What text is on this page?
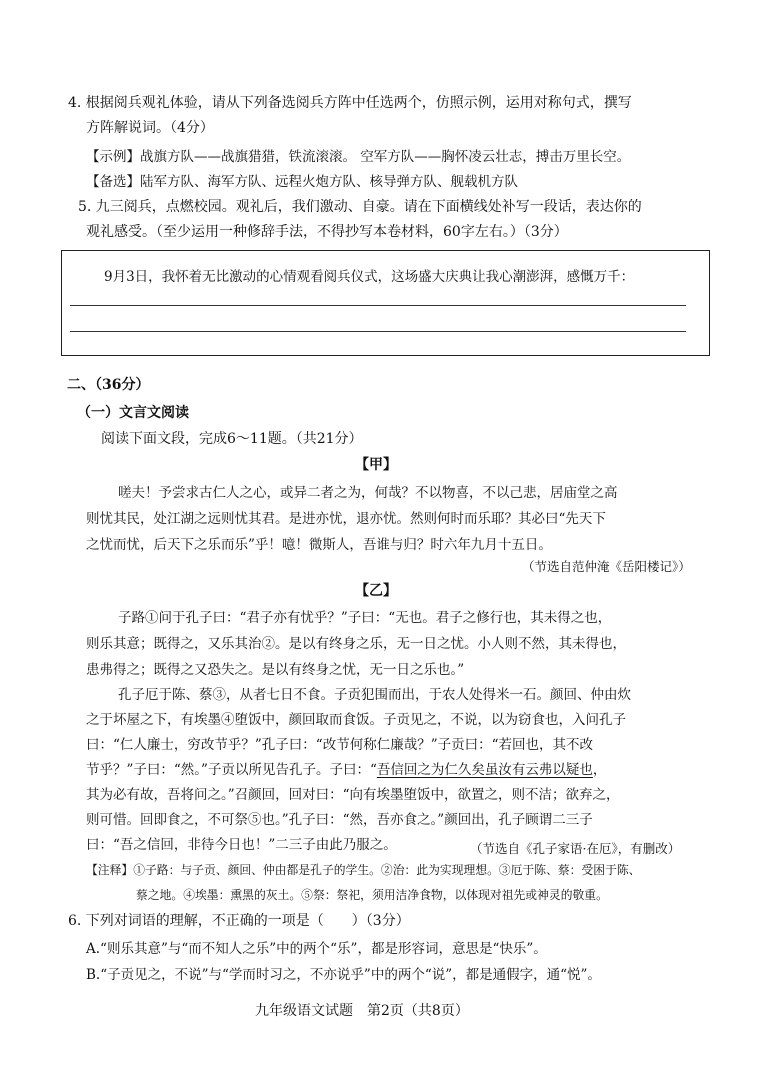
4. 根据阅兵观礼体验，请从下列备选阅兵方阵中任选两个，仿照示例，运用对称句式，撰写
方阵解说词。（4分）
【示例】战旗方队——战旗猎猎，铁流滚滚。 空军方队——胸怀凌云壮志，搏击万里长空。
【备选】陆军方队、海军方队、远程火炮方队、核导弹方队、舰载机方队
5. 九三阅兵，点燃校园。观礼后，我们激动、自豪。请在下面横线处补写一段话，表达你的
观礼感受。（至少运用一种修辞手法，不得抄写本卷材料，60字左右。）（3分）
9月3日，我怀着无比激动的心情观看阅兵仪式，这场盛大庆典让我心潮澎湃，感慨万千：
二、（36分）
（一）文言文阅读
阅读下面文段，完成6～11题。（共21分）
【甲】
嗟夫！予尝求古仁人之心，或异二者之为，何哉？不以物喜，不以己悲，居庙堂之高
则忧其民，处江湖之远则忧其君。是进亦忧，退亦忧。然则何时而乐耶？其必曰“先天下
之忧而忧，后天下之乐而乐”乎！噫！微斯人，吾谁与归？时六年九月十五日。
（节选自范仲淹《岳阳楼记》）
【乙】
子路①问于孔子曰：“君子亦有忧乎？”子曰：“无也。君子之修行也，其未得之也，
则乐其意；既得之，又乐其治②。是以有终身之乐，无一日之忧。小人则不然，其未得也，
患弗得之；既得之又恐失之。是以有终身之忧，无一日之乐也。”
孔子厄于陈、蔡③，从者七日不食。子贡犯围而出，于农人处得米一石。颜回、仲由炊
之于坏屋之下，有埃墨④堕饭中，颜回取而食饭。子贡见之，不说，以为窃食也，入问孔子
曰：“仁人廉士，穷改节乎？”孔子曰：“改节何称仁廉哉？”子贡曰：“若回也，其不改
节乎？”子曰：“然。”子贡以所见告孔子。子曰：“吾信回之为仁久矣虽汝有云弗以疑也，
其为必有故，吾将问之。”召颜回，回对曰：“向有埃墨堕饭中，欲置之，则不洁；欲弃之，
则可惜。回即食之，不可祭⑤也。”孔子曰：“然，吾亦食之。”颜回出，孔子顾谓二三子
曰：“吾之信回，非待今日也！”二三子由此乃服之。	（节选自《孔子家语·在厄》，有删改）
【注释】①子路：与子贡、颜回、仲由都是孔子的学生。②治：此为实现理想。③厄于陈、蔡：受困于陈、
蔡之地。④埃墨：熏黑的灰土。⑤祭：祭祀，须用洁净食物，以体现对祖先或神灵的敬重。
6. 下列对词语的理解，不正确的一项是（　　）（3分）
A.“则乐其意”与“而不知人之乐”中的两个“乐”，都是形容词，意思是“快乐”。
B.“子贡见之，不说”与“学而时习之，不亦说乎”中的两个“说”，都是通假字，通“悦”。
九年级语文试题　第2页（共8页）
